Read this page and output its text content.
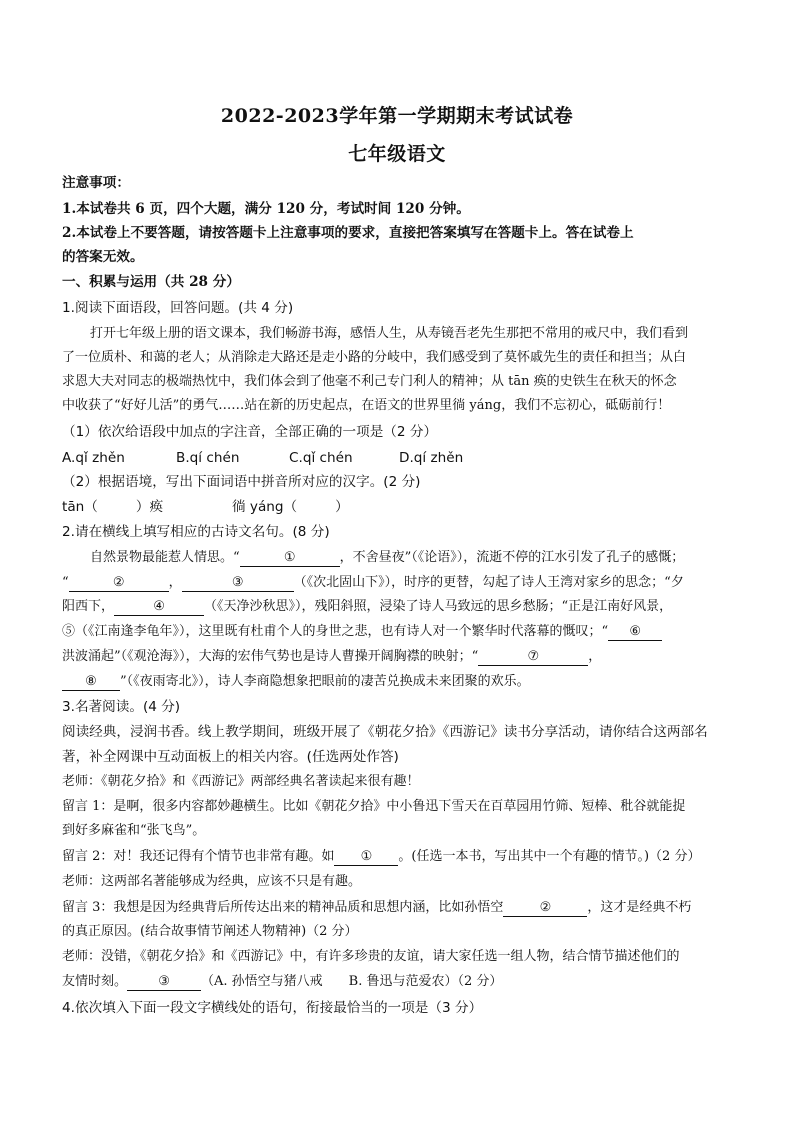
2022-2023学年第一学期期末考试试卷
七年级语文
注意事项：
1.本试卷共 6 页，四个大题，满分 120 分，考试时间 120 分钟。
2.本试卷上不要答题，请按答题卡上注意事项的要求，直接把答案填写在答题卡上。答在试卷上
的答案无效。
一、积累与运用（共 28 分）
1.阅读下面语段，回答问题。(共 4 分)
打开七年级上册的语文课本，我们畅游书海，感悟人生，从寿镜吾老先生那把不常用的戒尺中，我们看到
了一位质朴、和蔼的老人；从消除走大路还是走小路的分岐中，我们感受到了莫怀戚先生的责任和担当；从白
求恩大夫对同志的极端热忱中，我们体会到了他毫不利己专门利人的精神；从 tān 痪的史铁生在秋天的怀念
中收获了“好好儿活”的勇气……站在新的历史起点，在语文的世界里徜 yáng，我们不忘初心，砥砺前行！
（1）依次给语段中加点的字注音，全部正确的一项是（2 分）
A.qǐ zhěn	B.qí chén	C.qǐ chén	D.qí zhěn
（2）根据语境，写出下面词语中拼音所对应的汉字。(2 分)
tān（	）痪	徜 yáng（	）
2.请在横线上填写相应的古诗文名句。(8 分)
自然景物最能惹人情思。“	①	，不舍昼夜”（《论语》），流逝不停的江水引发了孔子的感慨；
“	②	，	③	（《次北固山下》），时序的更替，勾起了诗人王湾对家乡的思念；“夕
阳西下，	④	（《天净沙秋思》），残阳斜照，浸染了诗人马致远的思乡愁肠；“正是江南好风景，
⑤（《江南逢李龟年》），这里既有杜甫个人的身世之悲，也有诗人对一个繁华时代落幕的慨叹；“ ⑥
洪波涌起”（《观沧海》），大海的宏伟气势也是诗人曹操开阔胸襟的映射；“	⑦	，
⑧ ”（《夜雨寄北》），诗人李商隐想象把眼前的凄苦兑换成未来团聚的欢乐。
3.名著阅读。(4 分)
阅读经典，浸润书香。线上教学期间，班级开展了《朝花夕拾》《西游记》读书分享活动，请你结合这两部名
著，补全网课中互动面板上的相关内容。(任选两处作答)
老师：《朝花夕拾》和《西游记》两部经典名著读起来很有趣！
留言 1：是啊，很多内容都妙趣横生。比如《朝花夕拾》中小鲁迅下雪天在百草园用竹筛、短棒、秕谷就能捉
到好多麻雀和“张飞鸟”。
留言 2：对！我还记得有个情节也非常有趣。如 ① 。(任选一本书，写出其中一个有趣的情节。)（2 分）
老师：这两部名著能够成为经典，应该不只是有趣。
留言 3：我想是因为经典背后所传达出来的精神品质和思想内涵，比如孙悟空	②	，这才是经典不朽
的真正原因。(结合故事情节阐述人物精神)（2 分）
老师：没错，《朝花夕拾》和《西游记》中，有许多珍贵的友谊，请大家任选一组人物，结合情节描述他们的
友情时刻。 ③ （A. 孙悟空与猪八戒　　B. 鲁迅与范爱农）（2 分）
4.依次填入下面一段文字横线处的语句，衔接最恰当的一项是（3 分）
